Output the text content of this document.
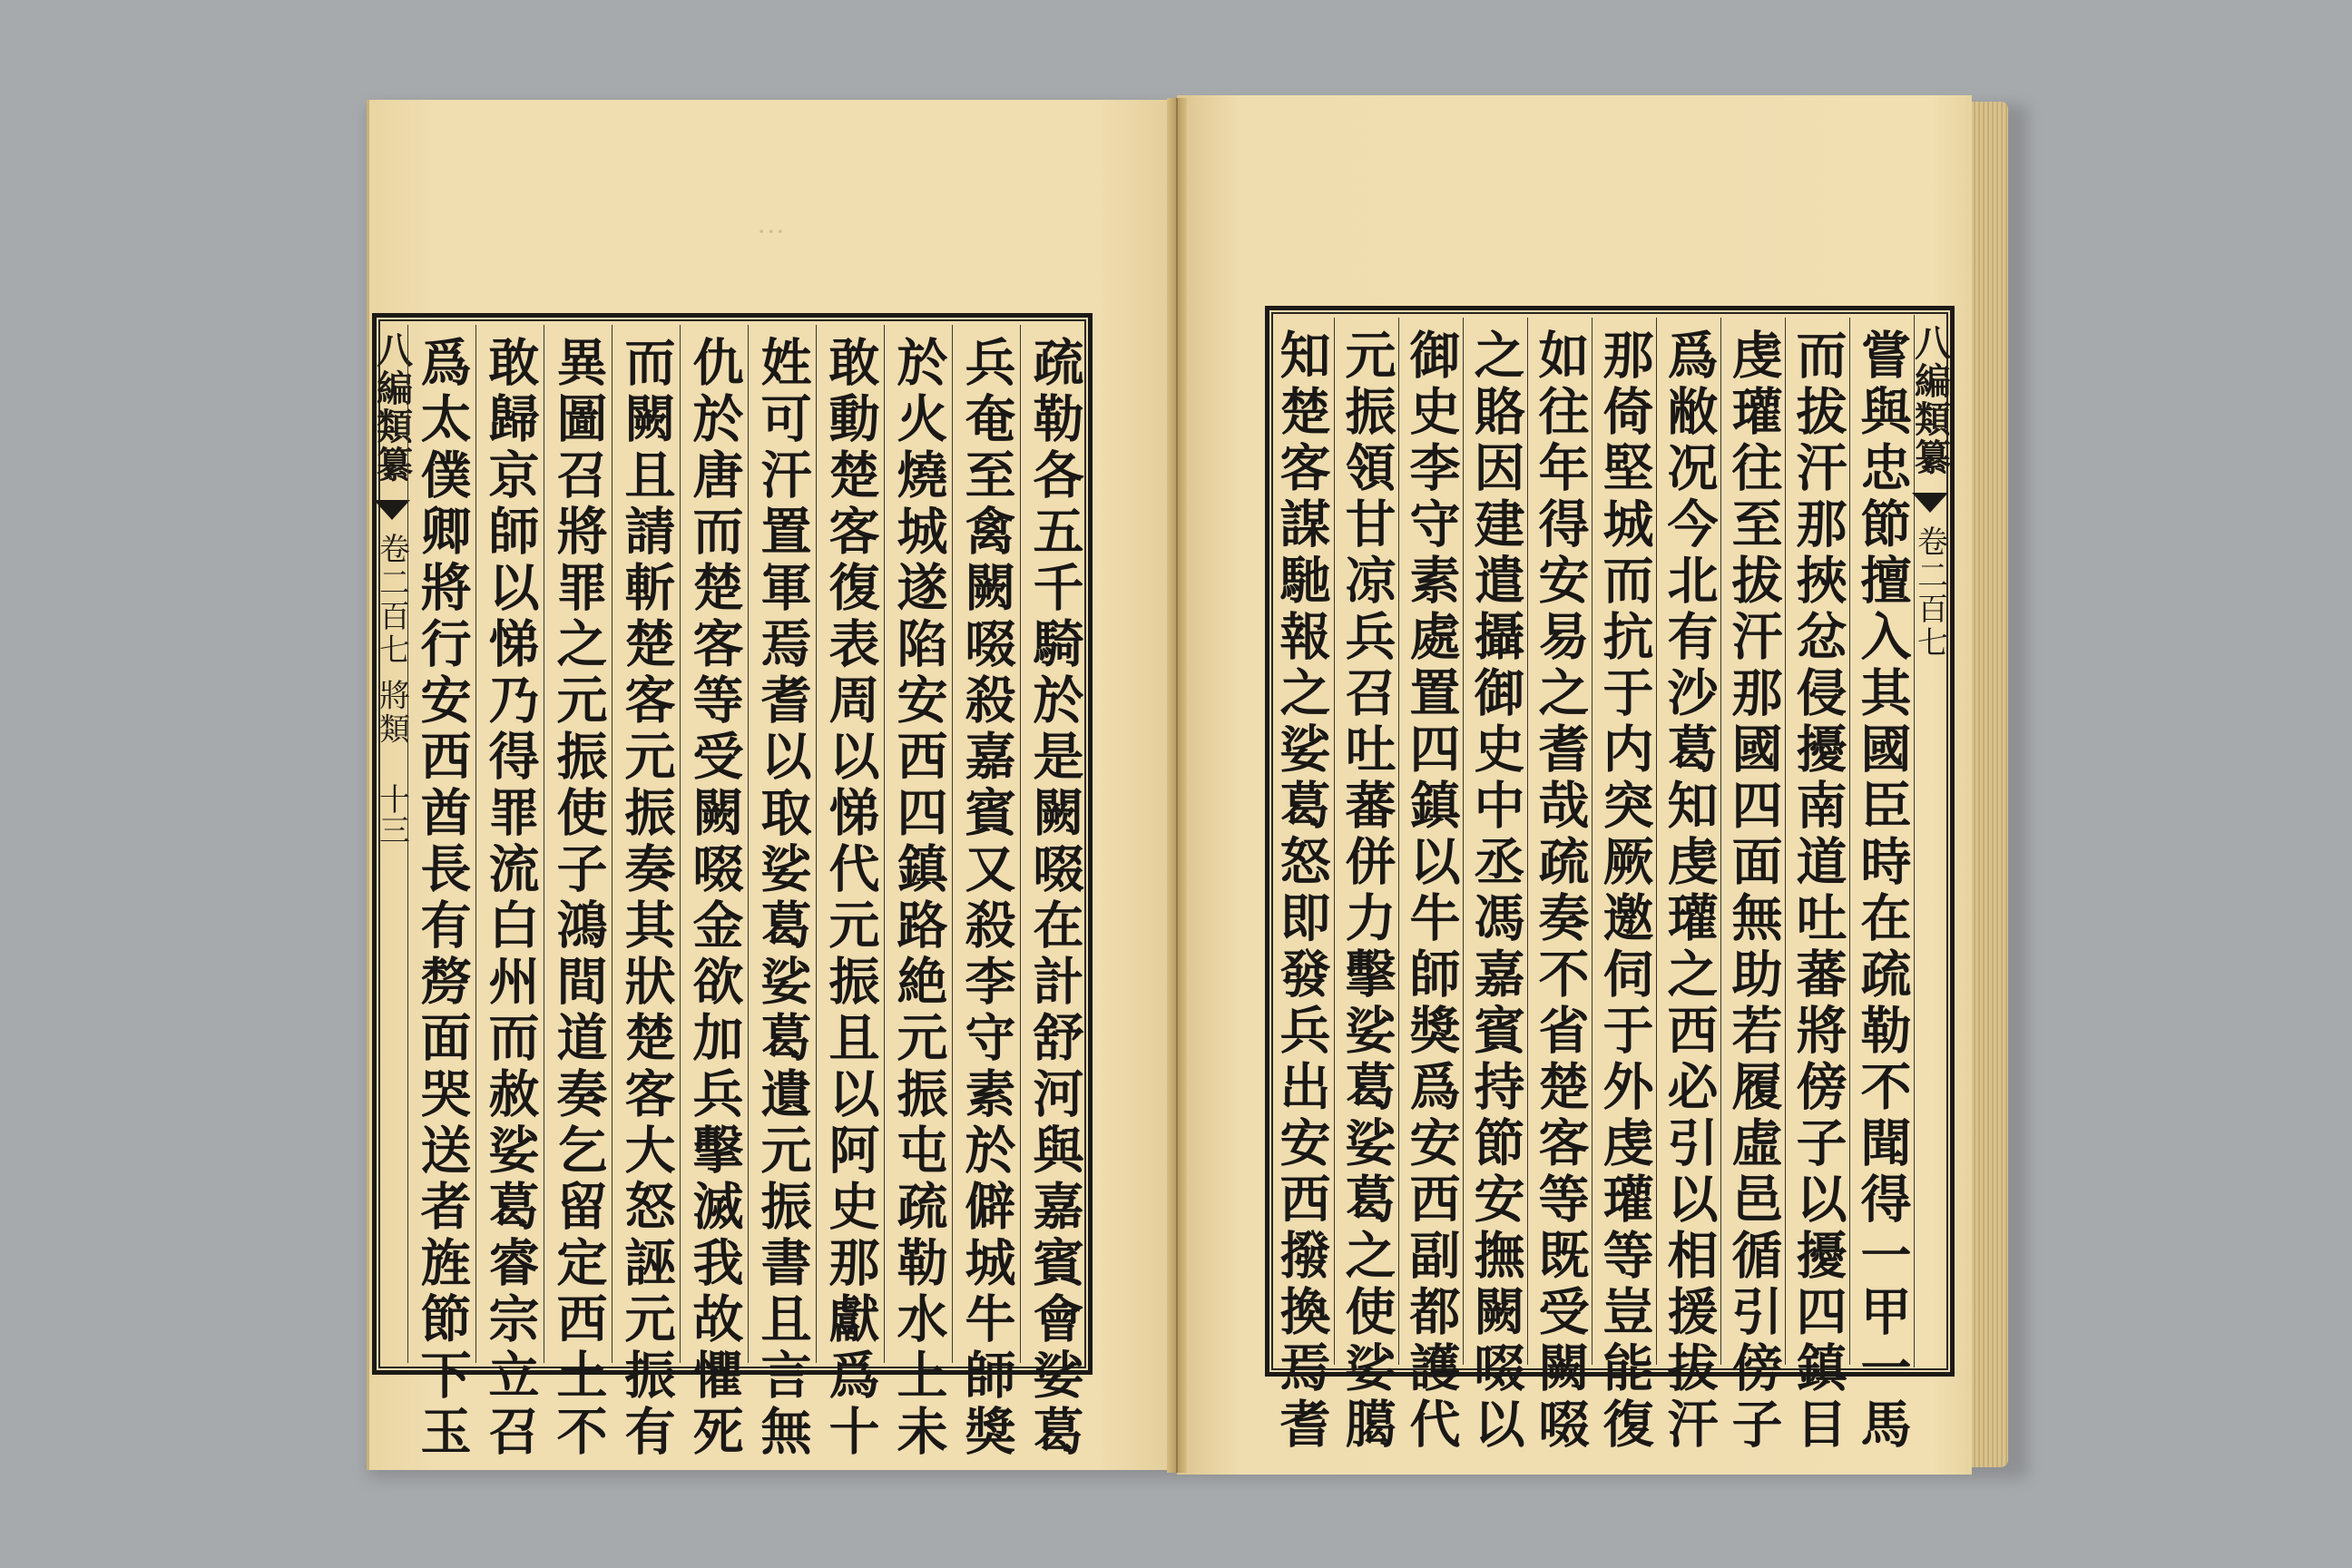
⋮
八編類纂
卷二百七 將類
十三 爲太僕卿將行安西酋長有剺面哭送者旌節下玉 敢歸京師以悌乃得罪流白州而赦娑葛睿宗立召 異圖召將罪之元振使子鴻間道奏乞留定西土不 而闕且請斬楚客元振奏其狀楚客大怒誣元振有 仇於唐而楚客等受闕啜金欲加兵擊滅我故懼死 姓可汗置軍焉耆以取娑葛娑葛遺元振書且言無 敢動楚客復表周以悌代元振且以阿史那獻爲十 於火燒城遂陷安西四鎮路絶元振屯疏勒水上未 兵奄至禽闕啜殺嘉賓又殺李守素於僻城牛師獎 疏勒各五千騎於是闕啜在計舒河與嘉賓會娑葛	知楚客謀馳報之娑葛怒即發兵出安西撥換焉耆 元振領甘凉兵召吐蕃併力擊娑葛娑葛之使娑臈 御史李守素處置四鎮以牛師獎爲安西副都護代 之賂因建遣攝御史中丞馮嘉賓持節安撫闕啜以 如往年得安易之耆哉疏奏不省楚客等既受闕啜 那倚堅城而抗于内突厥邀伺于外虔瓘等豈能復 爲敝况今北有沙葛知虔瓘之西必引以相援拔汗 虔瓘往至拔汗那國四面無助若履虛邑循引傍子 而拔汗那挾忿侵擾南道吐蕃將傍子以擾四鎮目 嘗與忠節擅入其國臣時在疏勒不聞得一甲一馬
八編類纂
卷二百七
